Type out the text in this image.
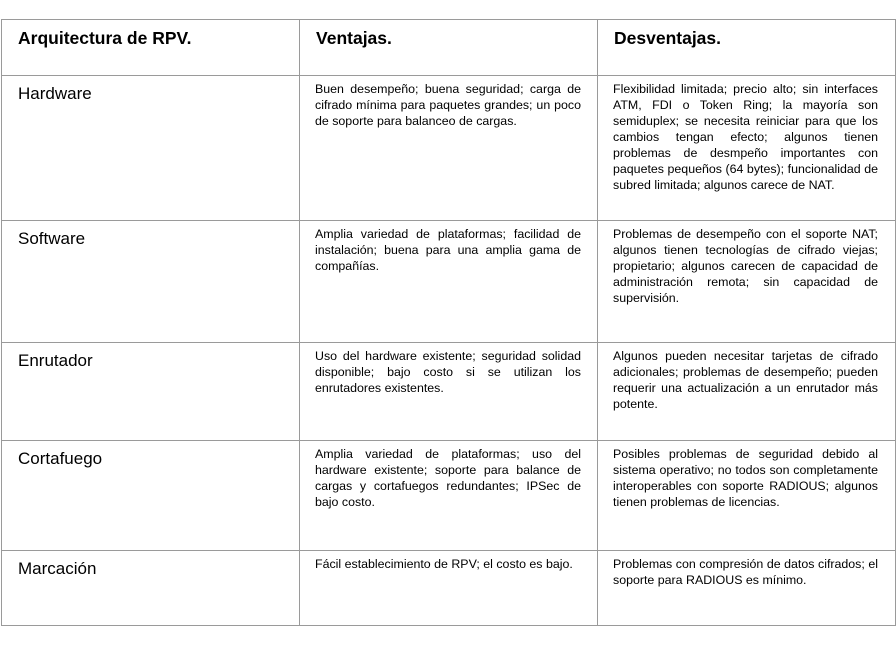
Arquitectura de RPV.	Ventajas.	Desventajas.

Hardware	Buen desempeño; buena seguridad; carga de cifrado mínima para paquetes grandes; un poco de soporte para balanceo de cargas.	Flexibilidad limitada; precio alto; sin interfaces ATM, FDI o Token Ring; la mayoría son semiduplex; se necesita reiniciar para que los cambios tengan efecto; algunos tienen problemas de desmpeño importantes con paquetes pequeños (64 bytes); funcionalidad de subred limitada; algunos carece de NAT.

Software	Amplia variedad de plataformas; facilidad de instalación; buena para una amplia gama de compañías.	Problemas de desempeño con el soporte NAT; algunos tienen tecnologías de cifrado viejas; propietario; algunos carecen de capacidad de administración remota; sin capacidad de supervisión.

Enrutador	Uso del hardware existente; seguridad solidad disponible; bajo costo si se utilizan los enrutadores existentes.	Algunos pueden necesitar tarjetas de cifrado adicionales; problemas de desempeño; pueden requerir una actualización a un enrutador más potente.

Cortafuego	Amplia variedad de plataformas; uso del hardware existente; soporte para balance de cargas y cortafuegos redundantes; IPSec de bajo costo.	Posibles problemas de seguridad debido al sistema operativo; no todos son completamente interoperables con soporte RADIOUS; algunos tienen problemas de licencias.

Marcación	Fácil establecimiento de RPV; el costo es bajo.	Problemas con compresión de datos cifrados; el soporte para RADIOUS es mínimo.
